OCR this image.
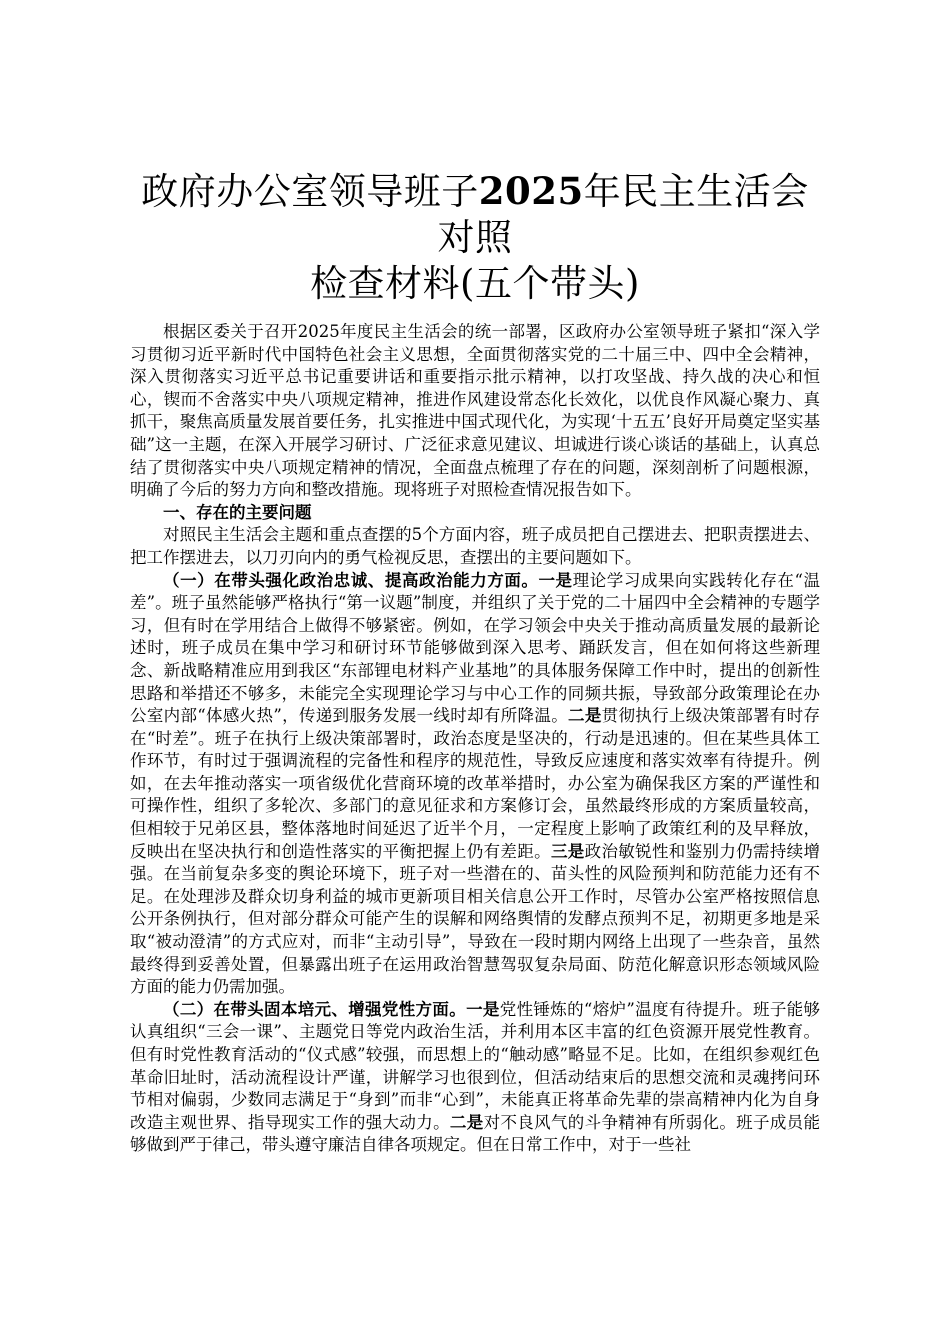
政府办公室领导班子2025年民主生活会对照
检查材料(五个带头)

根据区委关于召开2025年度民主生活会的统一部署，区政府办公室领导班子紧扣“深入学习贯彻习近平新时代中国特色社会主义思想，全面贯彻落实党的二十届三中、四中全会精神，深入贯彻落实习近平总书记重要讲话和重要指示批示精神，以打攻坚战、持久战的决心和恒心，锲而不舍落实中央八项规定精神，推进作风建设常态化长效化，以优良作风凝心聚力、真抓干，聚焦高质量发展首要任务，扎实推进中国式现代化，为实现‘十五五’良好开局奠定坚实基础”这一主题，在深入开展学习研讨、广泛征求意见建议、坦诚进行谈心谈话的基础上，认真总结了贯彻落实中央八项规定精神的情况，全面盘点梳理了存在的问题，深刻剖析了问题根源，明确了今后的努力方向和整改措施。现将班子对照检查情况报告如下。

一、存在的主要问题

对照民主生活会主题和重点查摆的5个方面内容，班子成员把自己摆进去、把职责摆进去、把工作摆进去，以刀刃向内的勇气检视反思，查摆出的主要问题如下。

（一）在带头强化政治忠诚、提高政治能力方面。一是理论学习成果向实践转化存在“温差”。班子虽然能够严格执行“第一议题”制度，并组织了关于党的二十届四中全会精神的专题学习，但有时在学用结合上做得不够紧密。例如，在学习领会中央关于推动高质量发展的最新论述时，班子成员在集中学习和研讨环节能够做到深入思考、踊跃发言，但在如何将这些新理念、新战略精准应用到我区“东部锂电材料产业基地”的具体服务保障工作中时，提出的创新性思路和举措还不够多，未能完全实现理论学习与中心工作的同频共振，导致部分政策理论在办公室内部“体感火热”，传递到服务发展一线时却有所降温。二是贯彻执行上级决策部署有时存在“时差”。班子在执行上级决策部署时，政治态度是坚决的，行动是迅速的。但在某些具体工作环节，有时过于强调流程的完备性和程序的规范性，导致反应速度和落实效率有待提升。例如，在去年推动落实一项省级优化营商环境的改革举措时，办公室为确保我区方案的严谨性和可操作性，组织了多轮次、多部门的意见征求和方案修订会，虽然最终形成的方案质量较高，但相较于兄弟区县，整体落地时间延迟了近半个月，一定程度上影响了政策红利的及早释放，反映出在坚决执行和创造性落实的平衡把握上仍有差距。三是政治敏锐性和鉴别力仍需持续增强。在当前复杂多变的舆论环境下，班子对一些潜在的、苗头性的风险预判和防范能力还有不足。在处理涉及群众切身利益的城市更新项目相关信息公开工作时，尽管办公室严格按照信息公开条例执行，但对部分群众可能产生的误解和网络舆情的发酵点预判不足，初期更多地是采取“被动澄清”的方式应对，而非“主动引导”，导致在一段时期内网络上出现了一些杂音，虽然最终得到妥善处置，但暴露出班子在运用政治智慧驾驭复杂局面、防范化解意识形态领域风险方面的能力仍需加强。

（二）在带头固本培元、增强党性方面。一是党性锤炼的“熔炉”温度有待提升。班子能够认真组织“三会一课”、主题党日等党内政治生活，并利用本区丰富的红色资源开展党性教育。但有时党性教育活动的“仪式感”较强，而思想上的“触动感”略显不足。比如，在组织参观红色革命旧址时，活动流程设计严谨，讲解学习也很到位，但活动结束后的思想交流和灵魂拷问环节相对偏弱，少数同志满足于“身到”而非“心到”，未能真正将革命先辈的崇高精神内化为自身改造主观世界、指导现实工作的强大动力。二是对不良风气的斗争精神有所弱化。班子成员能够做到严于律己，带头遵守廉洁自律各项规定。但在日常工作中，对于一些社
